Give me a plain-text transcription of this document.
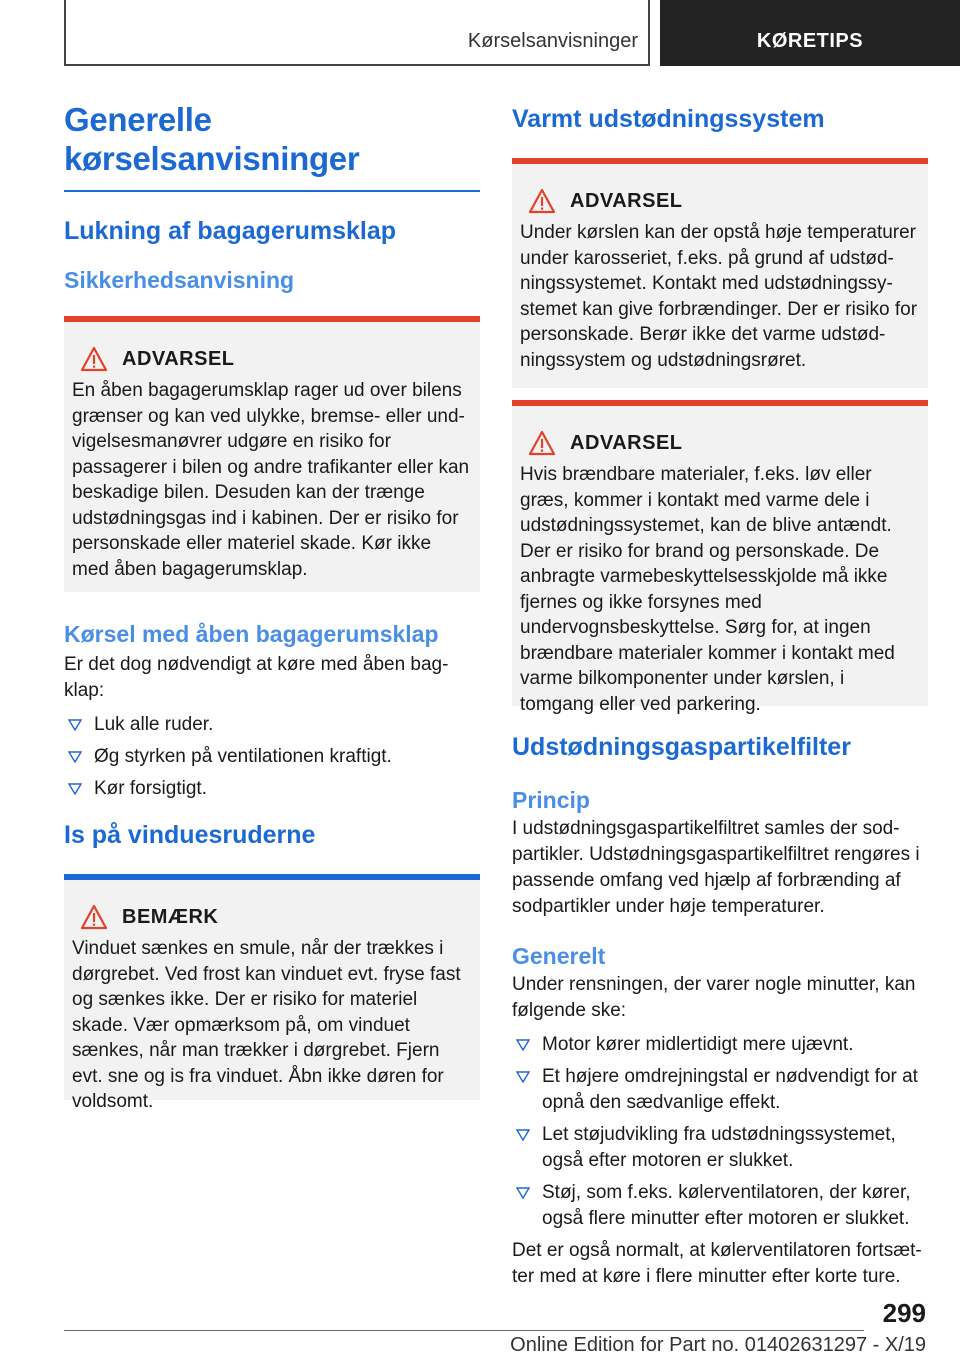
Kørselsanvisninger	KØRETIPS
Generelle
kørselsanvisninger
Lukning af bagagerumsklap
Sikkerhedsanvisning
ADVARSEL
En åben bagagerumsklap rager ud over bilens grænser og kan ved ulykke, bremse- eller undvigelsesmanøvrer udgøre en risiko for passagerer i bilen og andre trafikanter eller kan beskadige bilen. Desuden kan der trænge udstødningsgas ind i kabinen. Der er risiko for personskade eller materiel skade. Kør ikke med åben bagagerumsklap.
Kørsel med åben bagagerumsklap
Er det dog nødvendigt at køre med åben bagklap:
Luk alle ruder.
Øg styrken på ventilationen kraftigt.
Kør forsigtigt.
Is på vinduesruderne
BEMÆRK
Vinduet sænkes en smule, når der trækkes i dørgrebet. Ved frost kan vinduet evt. fryse fast og sænkes ikke. Der er risiko for materiel skade. Vær opmærksom på, om vinduet sænkes, når man trækker i dørgrebet. Fjern evt. sne og is fra vinduet. Åbn ikke døren for voldsomt.
Varmt udstødningssystem
ADVARSEL
Under kørslen kan der opstå høje temperaturer under karosseriet, f.eks. på grund af udstødningssystemet. Kontakt med udstødningssystemet kan give forbrændinger. Der er risiko for personskade. Berør ikke det varme udstødningssystem og udstødningsrøret.
ADVARSEL
Hvis brændbare materialer, f.eks. løv eller græs, kommer i kontakt med varme dele i udstødningssystemet, kan de blive antændt. Der er risiko for brand og personskade. De anbragte varmebeskyttelsesskjolde må ikke fjernes og ikke forsynes med undervognsbeskyttelse. Sørg for, at ingen brændbare materialer kommer i kontakt med varme bilkomponenter under kørslen, i tomgang eller ved parkering.
Udstødningsgaspartikelfilter
Princip
I udstødningsgaspartikelfiltret samles der sodpartikler. Udstødningsgaspartikelfiltret rengøres i passende omfang ved hjælp af forbrænding af sodpartikler under høje temperaturer.
Generelt
Under rensningen, der varer nogle minutter, kan følgende ske:
Motor kører midlertidigt mere ujævnt.
Et højere omdrejningstal er nødvendigt for at opnå den sædvanlige effekt.
Let støjudvikling fra udstødningssystemet, også efter motoren er slukket.
Støj, som f.eks. kølerventilatoren, der kører, også flere minutter efter motoren er slukket.
Det er også normalt, at kølerventilatoren fortsætter med at køre i flere minutter efter korte ture.
299
Online Edition for Part no. 01402631297 - X/19
